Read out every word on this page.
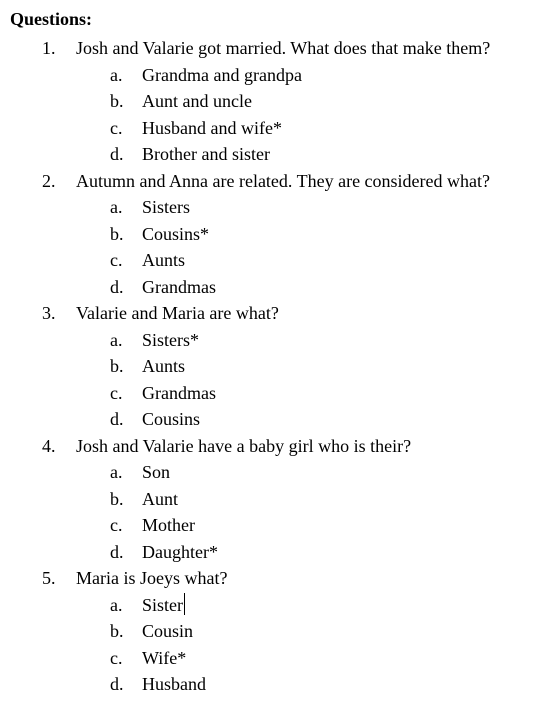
Questions:
1. Josh and Valarie got married. What does that make them?
a. Grandma and grandpa
b. Aunt and uncle
c. Husband and wife*
d. Brother and sister
2. Autumn and Anna are related. They are considered what?
a. Sisters
b. Cousins*
c. Aunts
d. Grandmas
3. Valarie and Maria are what?
a. Sisters*
b. Aunts
c. Grandmas
d. Cousins
4. Josh and Valarie have a baby girl who is their?
a. Son
b. Aunt
c. Mother
d. Daughter*
5. Maria is Joeys what?
a. Sister
b. Cousin
c. Wife*
d. Husband
